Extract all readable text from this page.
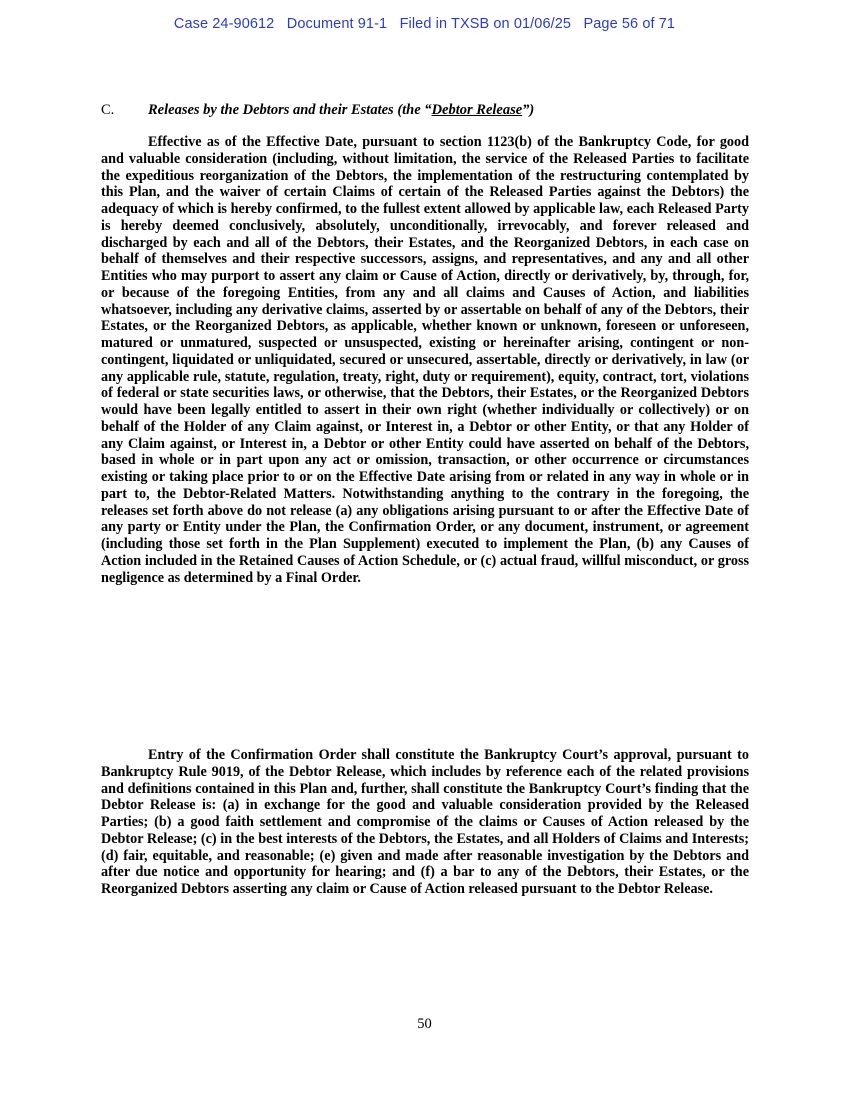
Case 24-90612 Document 91-1 Filed in TXSB on 01/06/25 Page 56 of 71
C. Releases by the Debtors and their Estates (the “Debtor Release”)

Effective as of the Effective Date, pursuant to section 1123(b) of the Bankruptcy Code, for good and valuable consideration (including, without limitation, the service of the Released Parties to facilitate the expeditious reorganization of the Debtors, the implementation of the restructuring contemplated by this Plan, and the waiver of certain Claims of certain of the Released Parties against the Debtors) the adequacy of which is hereby confirmed, to the fullest extent allowed by applicable law, each Released Party is hereby deemed conclusively, absolutely, unconditionally, irrevocably, and forever released and discharged by each and all of the Debtors, their Estates, and the Reorganized Debtors, in each case on behalf of themselves and their respective successors, assigns, and representatives, and any and all other Entities who may purport to assert any claim or Cause of Action, directly or derivatively, by, through, for, or because of the foregoing Entities, from any and all claims and Causes of Action, and liabilities whatsoever, including any derivative claims, asserted by or assertable on behalf of any of the Debtors, their Estates, or the Reorganized Debtors, as applicable, whether known or unknown, foreseen or unforeseen, matured or unmatured, suspected or unsuspected, existing or hereinafter arising, contingent or non-contingent, liquidated or unliquidated, secured or unsecured, assertable, directly or derivatively, in law (or any applicable rule, statute, regulation, treaty, right, duty or requirement), equity, contract, tort, violations of federal or state securities laws, or otherwise, that the Debtors, their Estates, or the Reorganized Debtors would have been legally entitled to assert in their own right (whether individually or collectively) or on behalf of the Holder of any Claim against, or Interest in, a Debtor or other Entity, or that any Holder of any Claim against, or Interest in, a Debtor or other Entity could have asserted on behalf of the Debtors, based in whole or in part upon any act or omission, transaction, or other occurrence or circumstances existing or taking place prior to or on the Effective Date arising from or related in any way in whole or in part to, the Debtor-Related Matters. Notwithstanding anything to the contrary in the foregoing, the releases set forth above do not release (a) any obligations arising pursuant to or after the Effective Date of any party or Entity under the Plan, the Confirmation Order, or any document, instrument, or agreement (including those set forth in the Plan Supplement) executed to implement the Plan, (b) any Causes of Action included in the Retained Causes of Action Schedule, or (c) actual fraud, willful misconduct, or gross negligence as determined by a Final Order.

Entry of the Confirmation Order shall constitute the Bankruptcy Court’s approval, pursuant to Bankruptcy Rule 9019, of the Debtor Release, which includes by reference each of the related provisions and definitions contained in this Plan and, further, shall constitute the Bankruptcy Court’s finding that the Debtor Release is: (a) in exchange for the good and valuable consideration provided by the Released Parties; (b) a good faith settlement and compromise of the claims or Causes of Action released by the Debtor Release; (c) in the best interests of the Debtors, the Estates, and all Holders of Claims and Interests; (d) fair, equitable, and reasonable; (e) given and made after reasonable investigation by the Debtors and after due notice and opportunity for hearing; and (f) a bar to any of the Debtors, their Estates, or the Reorganized Debtors asserting any claim or Cause of Action released pursuant to the Debtor Release.

50
